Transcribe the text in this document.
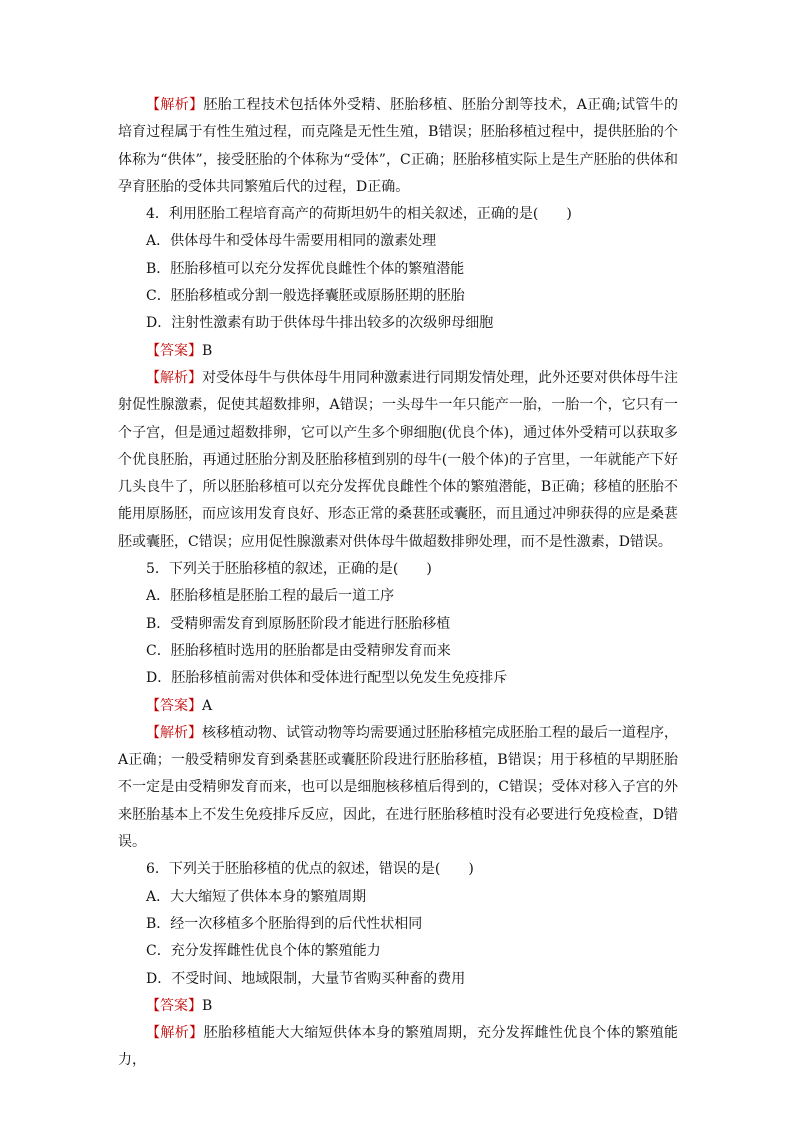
【解析】胚胎工程技术包括体外受精、胚胎移植、胚胎分割等技术，A正确;试管牛的培育过程属于有性生殖过程，而克隆是无性生殖，B错误；胚胎移植过程中，提供胚胎的个体称为“供体”，接受胚胎的个体称为“受体”，C正确；胚胎移植实际上是生产胚胎的供体和孕育胚胎的受体共同繁殖后代的过程，D正确。

4．利用胚胎工程培育高产的荷斯坦奶牛的相关叙述，正确的是(　　)

A．供体母牛和受体母牛需要用相同的激素处理

B．胚胎移植可以充分发挥优良雌性个体的繁殖潜能

C．胚胎移植或分割一般选择囊胚或原肠胚期的胚胎

D．注射性激素有助于供体母牛排出较多的次级卵母细胞

【答案】B

【解析】对受体母牛与供体母牛用同种激素进行同期发情处理，此外还要对供体母牛注射促性腺激素，促使其超数排卵，A错误；一头母牛一年只能产一胎，一胎一个，它只有一个子宫，但是通过超数排卵，它可以产生多个卵细胞(优良个体)，通过体外受精可以获取多个优良胚胎，再通过胚胎分割及胚胎移植到别的母牛(一般个体)的子宫里，一年就能产下好几头良牛了，所以胚胎移植可以充分发挥优良雌性个体的繁殖潜能，B正确；移植的胚胎不能用原肠胚，而应该用发育良好、形态正常的桑葚胚或囊胚，而且通过冲卵获得的应是桑葚胚或囊胚，C错误；应用促性腺激素对供体母牛做超数排卵处理，而不是性激素，D错误。

5．下列关于胚胎移植的叙述，正确的是(　　)

A．胚胎移植是胚胎工程的最后一道工序

B．受精卵需发育到原肠胚阶段才能进行胚胎移植

C．胚胎移植时选用的胚胎都是由受精卵发育而来

D．胚胎移植前需对供体和受体进行配型以免发生免疫排斥

【答案】A

【解析】核移植动物、试管动物等均需要通过胚胎移植完成胚胎工程的最后一道程序，A正确；一般受精卵发育到桑葚胚或囊胚阶段进行胚胎移植，B错误；用于移植的早期胚胎不一定是由受精卵发育而来，也可以是细胞核移植后得到的，C错误；受体对移入子宫的外来胚胎基本上不发生免疫排斥反应，因此，在进行胚胎移植时没有必要进行免疫检查，D错误。

6．下列关于胚胎移植的优点的叙述，错误的是(　　)

A．大大缩短了供体本身的繁殖周期

B．经一次移植多个胚胎得到的后代性状相同

C．充分发挥雌性优良个体的繁殖能力

D．不受时间、地域限制，大量节省购买种畜的费用

【答案】B

【解析】胚胎移植能大大缩短供体本身的繁殖周期，充分发挥雌性优良个体的繁殖能力，
